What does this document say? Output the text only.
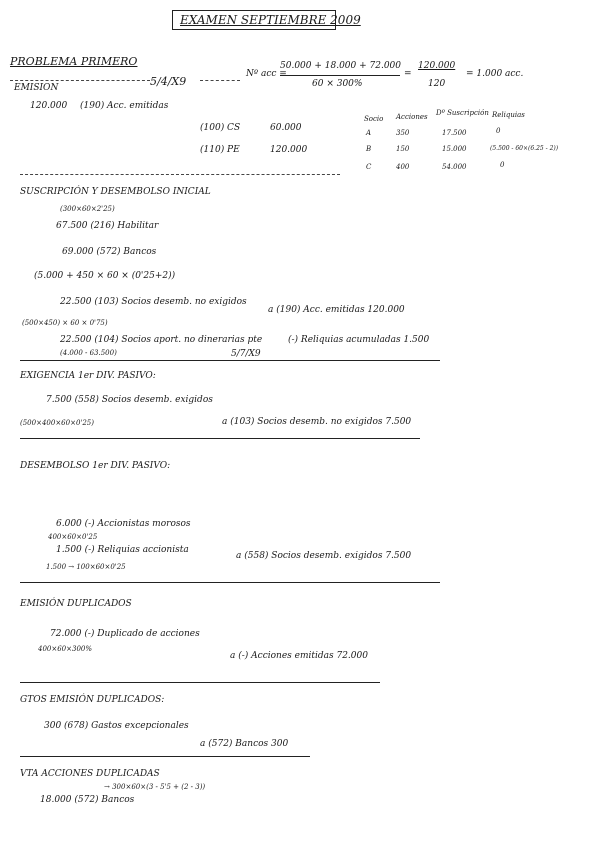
EXAMEN SEPTIEMBRE 2009
PROBLEMA PRIMERO
EMISION	5/4/X9
Nº acc =
50.000 + 18.000 + 72.000
60 × 300%
=
120.000
120
= 1.000 acc.
120.000 (190) Acc. emitidas
(100) CS	60.000
(110) PE	120.000
Socio Acciones Dº Suscripción Reliquias
A	350	17.500	0
B	150	15.000	(5.500 - 60×(6.25 - 2))
C	400	54.000	0
SUSCRIPCIÓN Y DESEMBOLSO INICIAL
(300×60×2'25)
67.500 (216) Habilitar
69.000 (572) Bancos
(5.000 + 450 × 60 × (0'25+2))
22.500 (103) Socios desemb. no exigidos
a (190) Acc. emitidas 120.000
(500×450) × 60 × 0'75)
22.500 (104) Socios aport. no dinerarias pte	(-) Reliquias acumuladas 1.500
(4.000 - 63.500)	5/7/X9
EXIGENCIA 1er DIV. PASIVO:
7.500 (558) Socios desemb. exigidos
(500×400×60×0'25)	a (103) Socios desemb. no exigidos 7.500
DESEMBOLSO 1er DIV. PASIVO:
6.000 (-) Accionistas morosos
400×60×0'25
1.500 (-) Reliquias accionista
a (558) Socios desemb. exigidos 7.500
1.500 → 100×60×0'25
EMISIÓN DUPLICADOS
72.000 (-) Duplicado de acciones
400×60×300%
a (-) Acciones emitidas 72.000
GTOS EMISIÓN DUPLICADOS:
300 (678) Gastos excepcionales
a (572) Bancos 300
VTA ACCIONES DUPLICADAS
18.000 (572) Bancos
→ 300×60×(3 - 5'5 + (2 - 3))
